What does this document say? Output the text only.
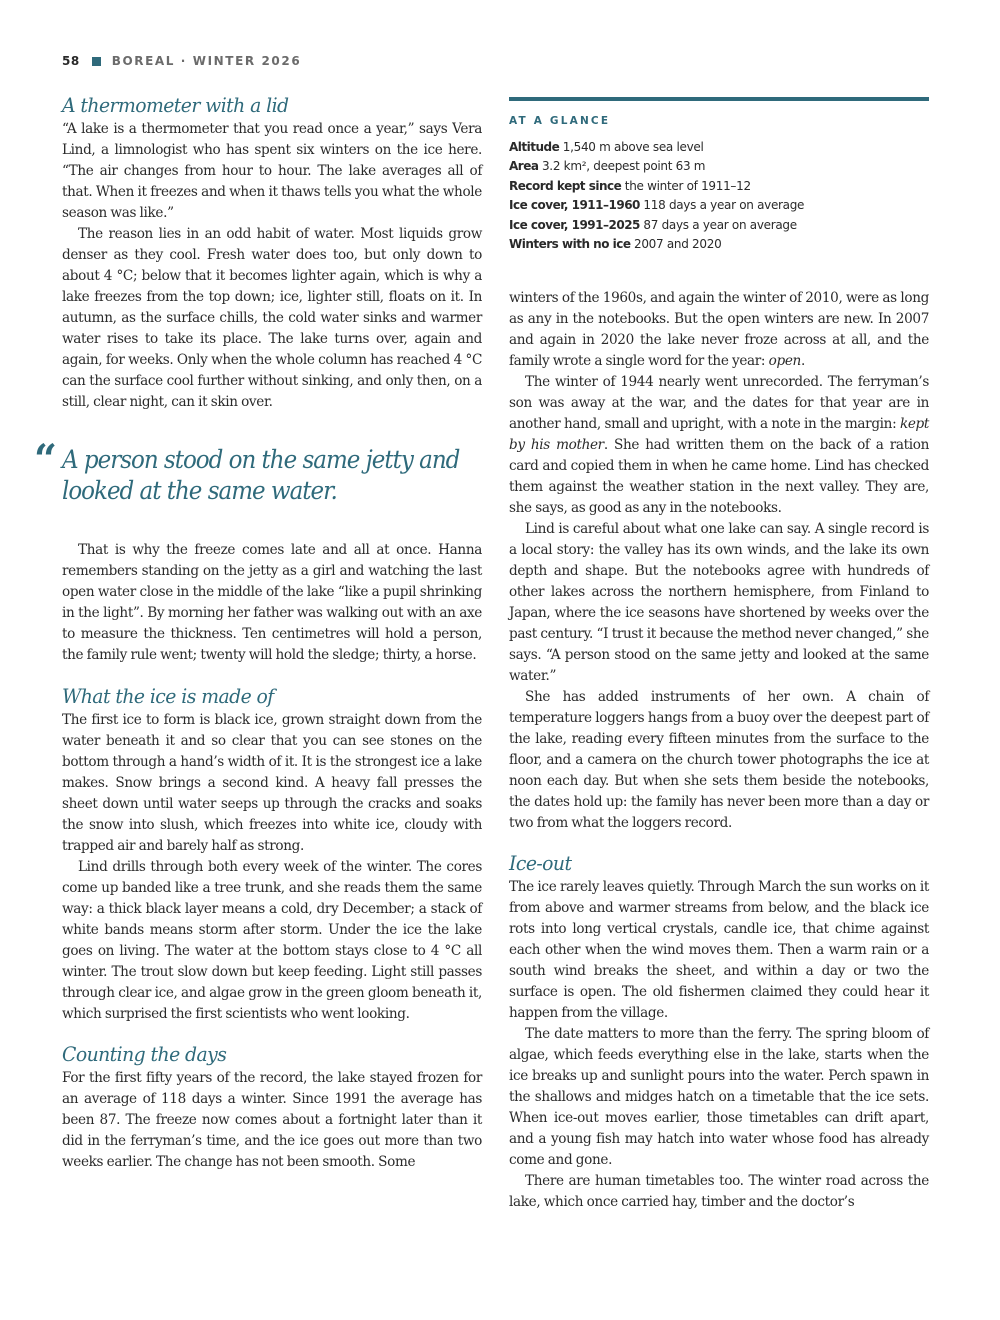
58	BOREAL · WINTER 2026
A thermometer with a lid

“A lake is a thermometer that you read once a year,” says Vera Lind, a limnologist who has spent six winters on the ice here. “The air changes from hour to hour. The lake averages all of that. When it freezes and when it thaws tells you what the whole season was like.”

The reason lies in an odd habit of water. Most liquids grow denser as they cool. Fresh water does too, but only down to about 4 °C; below that it becomes lighter again, which is why a lake freezes from the top down; ice, lighter still, floats on it. In autumn, as the surface chills, the cold water sinks and warmer water rises to take its place. The lake turns over, again and again, for weeks. Only when the whole column has reached 4 °C can the surface cool further without sinking, and only then, on a still, clear night, can it skin over.

“ A person stood on the same jetty and looked at the same water.

That is why the freeze comes late and all at once. Hanna remembers standing on the jetty as a girl and watching the last open water close in the middle of the lake “like a pupil shrinking in the light”. By morning her father was walking out with an axe to measure the thickness. Ten centimetres will hold a person, the family rule went; twenty will hold the sledge; thirty, a horse.

What the ice is made of

The first ice to form is black ice, grown straight down from the water beneath it and so clear that you can see stones on the bottom through a hand’s width of it. It is the strongest ice a lake makes. Snow brings a second kind. A heavy fall presses the sheet down until water seeps up through the cracks and soaks the snow into slush, which freezes into white ice, cloudy with trapped air and barely half as strong.

Lind drills through both every week of the winter. The cores come up banded like a tree trunk, and she reads them the same way: a thick black layer means a cold, dry December; a stack of white bands means storm after storm. Under the ice the lake goes on living. The water at the bottom stays close to 4 °C all winter. The trout slow down but keep feeding. Light still passes through clear ice, and algae grow in the green gloom beneath it, which surprised the first scientists who went looking.

Counting the days

For the first fifty years of the record, the lake stayed frozen for an average of 118 days a winter. Since 1991 the average has been 87. The freeze now comes about a fortnight later than it did in the ferryman’s time, and the ice goes out more than two weeks earlier. The change has not been smooth. Some

AT A GLANCE
Altitude 1,540 m above sea level
Area 3.2 km², deepest point 63 m
Record kept since the winter of 1911–12
Ice cover, 1911–1960 118 days a year on average
Ice cover, 1991–2025 87 days a year on average
Winters with no ice 2007 and 2020

winters of the 1960s, and again the winter of 2010, were as long as any in the notebooks. But the open winters are new. In 2007 and again in 2020 the lake never froze across at all, and the family wrote a single word for the year: open.

The winter of 1944 nearly went unrecorded. The ferryman’s son was away at the war, and the dates for that year are in another hand, small and upright, with a note in the margin: kept by his mother. She had written them on the back of a ration card and copied them in when he came home. Lind has checked them against the weather station in the next valley. They are, she says, as good as any in the notebooks.

Lind is careful about what one lake can say. A single record is a local story: the valley has its own winds, and the lake its own depth and shape. But the notebooks agree with hundreds of other lakes across the northern hemisphere, from Finland to Japan, where the ice seasons have shortened by weeks over the past century. “I trust it because the method never changed,” she says. “A person stood on the same jetty and looked at the same water.”

She has added instruments of her own. A chain of temperature loggers hangs from a buoy over the deepest part of the lake, reading every fifteen minutes from the surface to the floor, and a camera on the church tower photographs the ice at noon each day. But when she sets them beside the notebooks, the dates hold up: the family has never been more than a day or two from what the loggers record.

Ice-out

The ice rarely leaves quietly. Through March the sun works on it from above and warmer streams from below, and the black ice rots into long vertical crystals, candle ice, that chime against each other when the wind moves them. Then a warm rain or a south wind breaks the sheet, and within a day or two the surface is open. The old fishermen claimed they could hear it happen from the village.

The date matters to more than the ferry. The spring bloom of algae, which feeds everything else in the lake, starts when the ice breaks up and sunlight pours into the water. Perch spawn in the shallows and midges hatch on a timetable that the ice sets. When ice-out moves earlier, those timetables can drift apart, and a young fish may hatch into water whose food has already come and gone.

There are human timetables too. The winter road across the lake, which once carried hay, timber and the doctor’s
